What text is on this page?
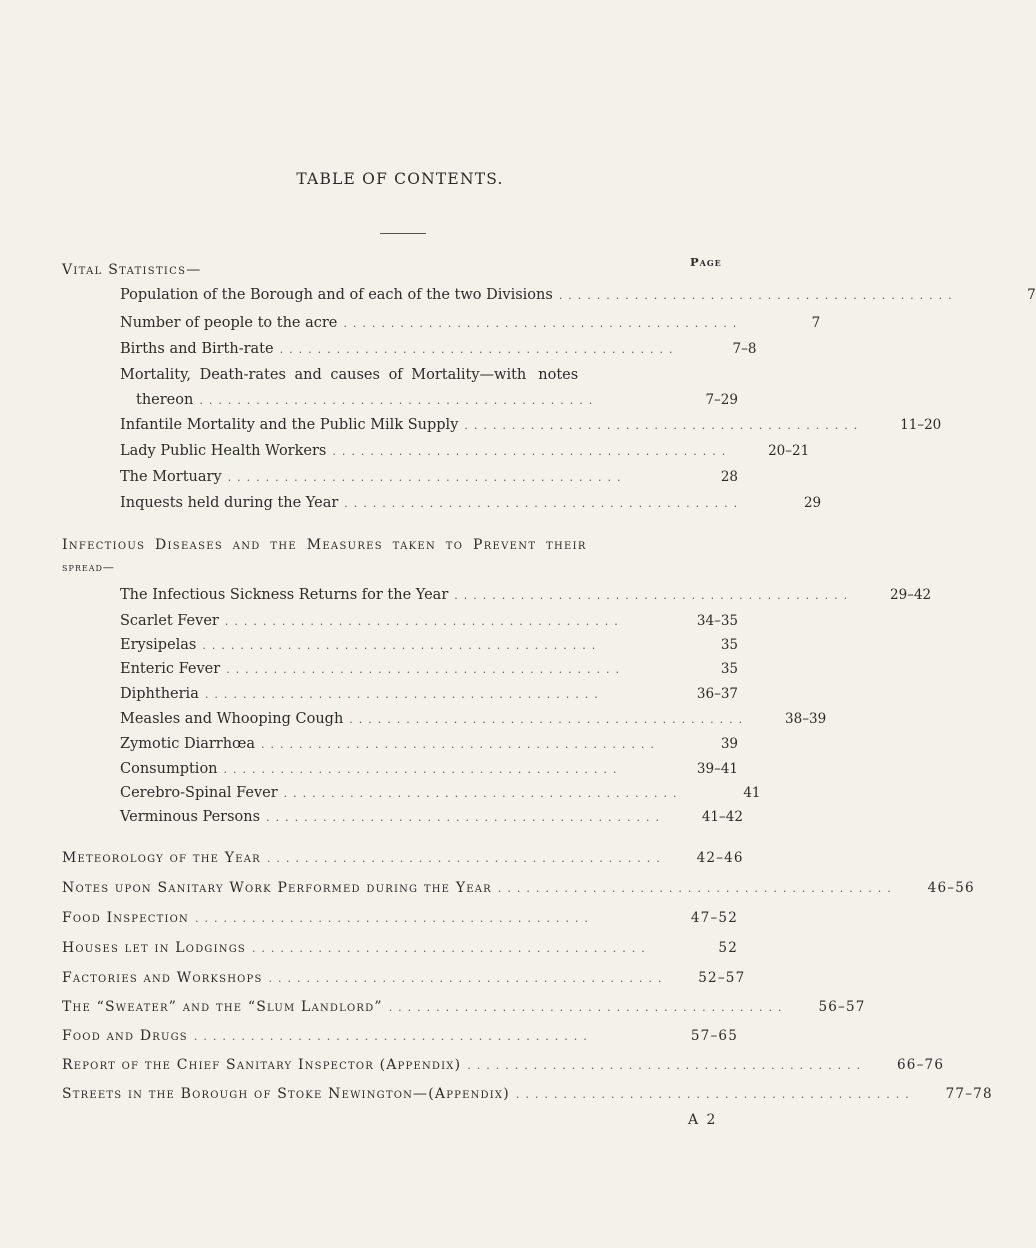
TABLE OF CONTENTS.
Page
Vital Statistics—
Population of the Borough and of each of the two Divisions ..........................................	7
Number of people to the acre ..........................................	7
Births and Birth-rate ..........................................	7–8
Mortality, Death-rates and causes of Mortality—with notes
thereon ..........................................	7–29
Infantile Mortality and the Public Milk Supply ..........................................	11–20
Lady Public Health Workers ..........................................	20–21
The Mortuary ..........................................	28
Inquests held during the Year ..........................................	29
Infectious Diseases and the Measures taken to Prevent their
spread—
The Infectious Sickness Returns for the Year ..........................................	29–42
Scarlet Fever ..........................................	34–35
Erysipelas ..........................................	35
Enteric Fever ..........................................	35
Diphtheria ..........................................	36–37
Measles and Whooping Cough ..........................................	38–39
Zymotic Diarrhœa ..........................................	39
Consumption ..........................................	39–41
Cerebro-Spinal Fever ..........................................	41
Verminous Persons ..........................................	41–42
Meteorology of the Year ..........................................	42–46
Notes upon Sanitary Work Performed during the Year ..........................................	46–56
Food Inspection ..........................................	47–52
Houses let in Lodgings ..........................................	52
Factories and Workshops ..........................................	52–57
The “Sweater” and the “Slum Landlord” ..........................................	56–57
Food and Drugs ..........................................	57–65
Report of the Chief Sanitary Inspector (Appendix) ..........................................	66–76
Streets in the Borough of Stoke Newington—(Appendix) ..........................................	77–78
A 2
